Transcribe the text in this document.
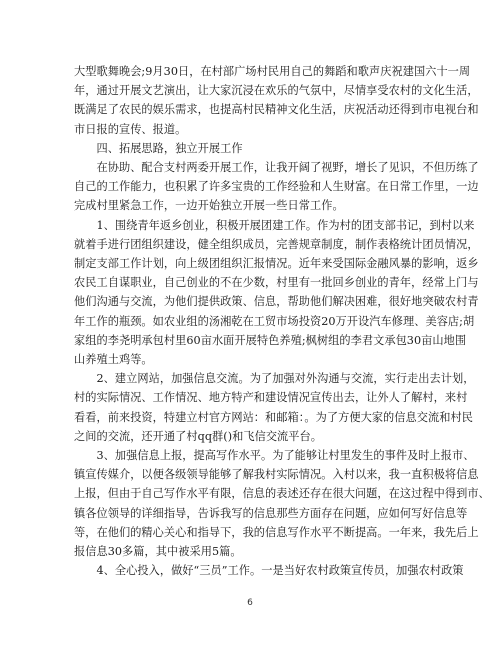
大型歌舞晚会;9月30日，在村部广场村民用自己的舞蹈和歌声庆祝建国六十一周
年，通过开展文艺演出，让大家沉浸在欢乐的气氛中，尽情享受农村的文化生活，
既满足了农民的娱乐需求，也提高村民精神文化生活，庆祝活动还得到市电视台和
市日报的宣传、报道。
　　四、拓展思路，独立开展工作
　　在协助、配合支村两委开展工作，让我开阔了视野，增长了见识，不但历练了
自己的工作能力，也积累了许多宝贵的工作经验和人生财富。在日常工作里，一边
完成村里紧急工作，一边开始独立开展一些日常工作。
　　1、围绕青年返乡创业，积极开展团建工作。作为村的团支部书记，到村以来
就着手进行团组织建设，健全组织成员，完善规章制度，制作表格统计团员情况，
制定支部工作计划，向上级团组织汇报情况。近年来受国际金融风暴的影响，返乡
农民工自谋职业，自己创业的不在少数，村里有一批回乡创业的青年，经常上门与
他们沟通与交流，为他们提供政策、信息，帮助他们解决困难，很好地突破农村青
年工作的瓶颈。如农业组的汤湘乾在工贸市场投资20万开设汽车修理、美容店;胡
家组的李尧明承包村里60亩水面开展特色养殖;枫树组的李君文承包30亩山地围
山养殖土鸡等。
　　2、建立网站，加强信息交流。为了加强对外沟通与交流，实行走出去计划，
村的实际情况、工作情况、地方特产和建设情况宣传出去，让外人了解村，来村
看看，前来投资，特建立村官方网站：和邮箱：。为了方便大家的信息交流和村民
之间的交流，还开通了村qq群()和飞信交流平台。
　　3、加强信息上报，提高写作水平。为了能够让村里发生的事件及时上报市、
镇宣传媒介，以便各级领导能够了解我村实际情况。入村以来，我一直积极将信息
上报，但由于自己写作水平有限，信息的表述还存在很大问题，在这过程中得到市、
镇各位领导的详细指导，告诉我写的信息那些方面存在问题，应如何写好信息等
等，在他们的精心关心和指导下，我的信息写作水平不断提高。一年来，我先后上
报信息30多篇，其中被采用5篇。
　　4、全心投入，做好“三员”工作。一是当好农村政策宣传员，加强农村政策
6
